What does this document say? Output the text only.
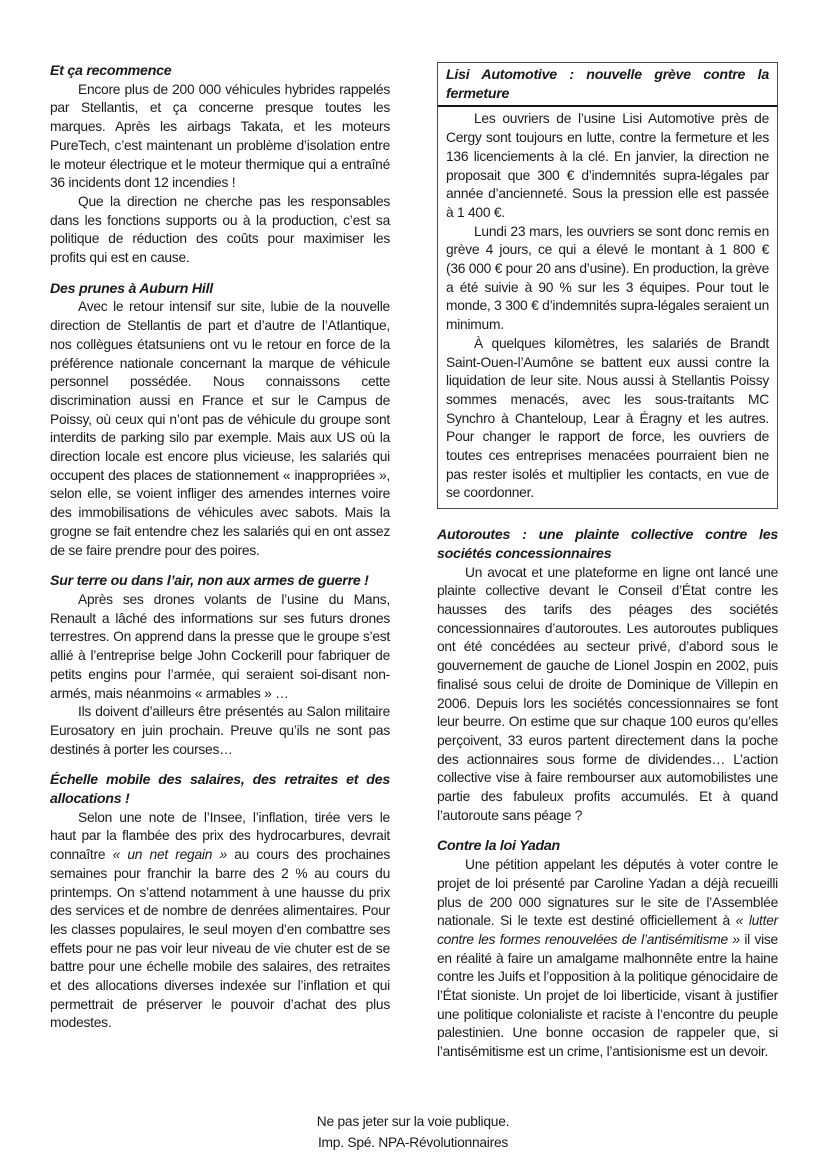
Et ça recommence

Encore plus de 200 000 véhicules hybrides rappelés par Stellantis, et ça concerne presque toutes les marques. Après les airbags Takata, et les moteurs PureTech, c’est maintenant un problème d’isolation entre le moteur électrique et le moteur thermique qui a entraîné 36 incidents dont 12 incendies !

Que la direction ne cherche pas les responsables dans les fonctions supports ou à la production, c’est sa politique de réduction des coûts pour maximiser les profits qui est en cause.

Des prunes à Auburn Hill

Avec le retour intensif sur site, lubie de la nouvelle direction de Stellantis de part et d’autre de l’Atlantique, nos collègues étatsuniens ont vu le retour en force de la préférence nationale concernant la marque de véhicule personnel possédée. Nous connaissons cette discrimination aussi en France et sur le Campus de Poissy, où ceux qui n’ont pas de véhicule du groupe sont interdits de parking silo par exemple. Mais aux US où la direction locale est encore plus vicieuse, les salariés qui occupent des places de stationnement « inappropriées », selon elle, se voient infliger des amendes internes voire des immobilisations de véhicules avec sabots. Mais la grogne se fait entendre chez les salariés qui en ont assez de se faire prendre pour des poires.

Sur terre ou dans l’air, non aux armes de guerre !

Après ses drones volants de l’usine du Mans, Renault a lâché des informations sur ses futurs drones terrestres. On apprend dans la presse que le groupe s’est allié à l’entreprise belge John Cockerill pour fabriquer de petits engins pour l’armée, qui seraient soi-disant non-armés, mais néanmoins « armables » …

Ils doivent d’ailleurs être présentés au Salon militaire Eurosatory en juin prochain. Preuve qu’ils ne sont pas destinés à porter les courses…

Échelle mobile des salaires, des retraites et des allocations !

Selon une note de l’Insee, l’inflation, tirée vers le haut par la flambée des prix des hydrocarbures, devrait connaître « un net regain » au cours des prochaines semaines pour franchir la barre des 2 % au cours du printemps. On s’attend notamment à une hausse du prix des services et de nombre de denrées alimentaires. Pour les classes populaires, le seul moyen d’en combattre ses effets pour ne pas voir leur niveau de vie chuter est de se battre pour une échelle mobile des salaires, des retraites et des allocations diverses indexée sur l’inflation et qui permettrait de préserver le pouvoir d’achat des plus modestes.

Lisi Automotive : nouvelle grève contre la fermeture

Les ouvriers de l’usine Lisi Automotive près de Cergy sont toujours en lutte, contre la fermeture et les 136 licenciements à la clé. En janvier, la direction ne proposait que 300 € d’indemnités supra-légales par année d’ancienneté. Sous la pression elle est passée à 1 400 €.

Lundi 23 mars, les ouvriers se sont donc remis en grève 4 jours, ce qui a élevé le montant à 1 800 € (36 000 € pour 20 ans d’usine). En production, la grève a été suivie à 90 % sur les 3 équipes. Pour tout le monde, 3 300 € d’indemnités supra-légales seraient un minimum.

À quelques kilomètres, les salariés de Brandt Saint-Ouen-l’Aumône se battent eux aussi contre la liquidation de leur site. Nous aussi à Stellantis Poissy sommes menacés, avec les sous-traitants MC Synchro à Chanteloup, Lear à Éragny et les autres. Pour changer le rapport de force, les ouvriers de toutes ces entreprises menacées pourraient bien ne pas rester isolés et multiplier les contacts, en vue de se coordonner.

Autoroutes : une plainte collective contre les sociétés concessionnaires

Un avocat et une plateforme en ligne ont lancé une plainte collective devant le Conseil d’État contre les hausses des tarifs des péages des sociétés concessionnaires d’autoroutes. Les autoroutes publiques ont été concédées au secteur privé, d’abord sous le gouvernement de gauche de Lionel Jospin en 2002, puis finalisé sous celui de droite de Dominique de Villepin en 2006. Depuis lors les sociétés concessionnaires se font leur beurre. On estime que sur chaque 100 euros qu’elles perçoivent, 33 euros partent directement dans la poche des actionnaires sous forme de dividendes… L’action collective vise à faire rembourser aux automobilistes une partie des fabuleux profits accumulés. Et à quand l’autoroute sans péage ?

Contre la loi Yadan

Une pétition appelant les députés à voter contre le projet de loi présenté par Caroline Yadan a déjà recueilli plus de 200 000 signatures sur le site de l’Assemblée nationale. Si le texte est destiné officiellement à « lutter contre les formes renouvelées de l’antisémitisme » il vise en réalité à faire un amalgame malhonnête entre la haine contre les Juifs et l’opposition à la politique génocidaire de l’État sioniste. Un projet de loi liberticide, visant à justifier une politique colonialiste et raciste à l’encontre du peuple palestinien. Une bonne occasion de rappeler que, si l’antisémitisme est un crime, l’antisionisme est un devoir.

Ne pas jeter sur la voie publique.
Imp. Spé. NPA-Révolutionnaires
